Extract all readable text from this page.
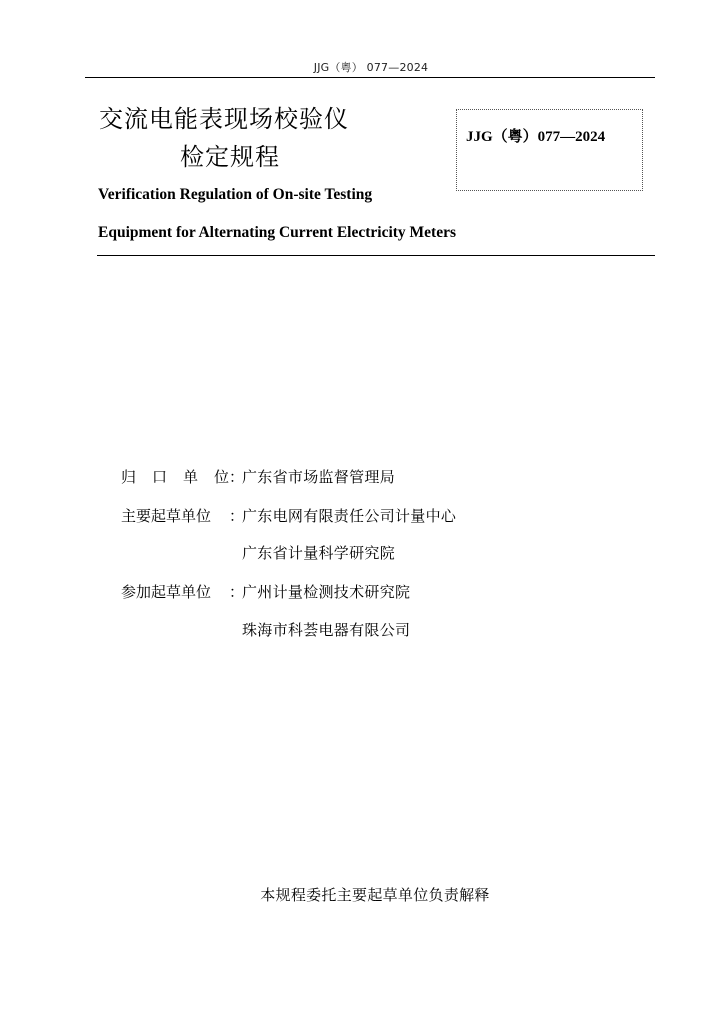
JJG（粤） 077—2024
交流电能表现场校验仪
检定规程
JJG（粤）077—2024
Verification Regulation of On-site Testing
Equipment for Alternating Current Electricity Meters
归 口 单 位 ：
广东省市场监督管理局
主要起草单位	：
广东电网有限责任公司计量中心
广东省计量科学研究院
参加起草单位	：
广州计量检测技术研究院
珠海市科荟电器有限公司
本规程委托主要起草单位负责解释
